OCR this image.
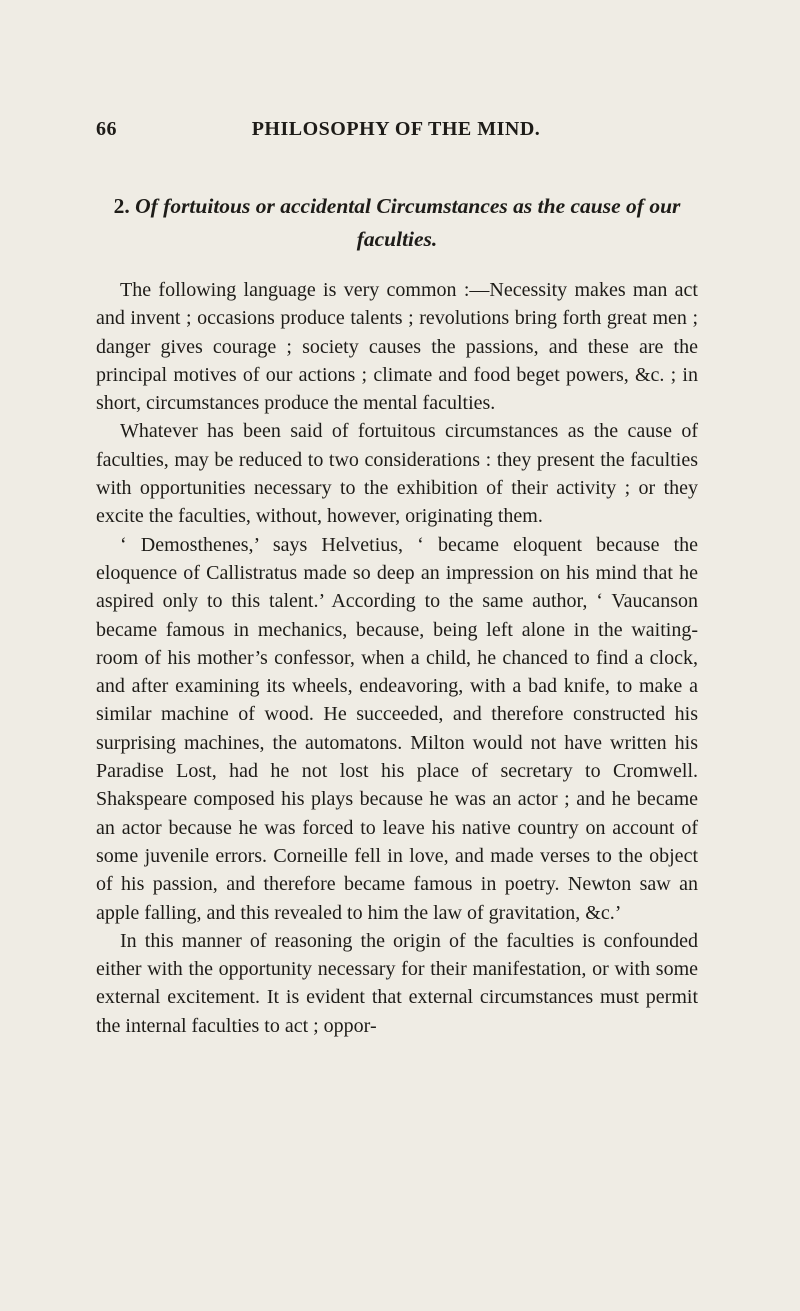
66	PHILOSOPHY OF THE MIND.
2. Of fortuitous or accidental Circumstances as the cause of our faculties.

The following language is very common :—Necessity makes man act and invent ; occasions produce talents ; revolutions bring forth great men ; danger gives courage ; society causes the passions, and these are the principal motives of our actions ; climate and food beget powers, &c. ; in short, circumstances produce the mental faculties.

Whatever has been said of fortuitous circumstances as the cause of faculties, may be reduced to two considerations : they present the faculties with opportunities necessary to the exhibition of their activity ; or they excite the faculties, without, however, originating them.

‘ Demosthenes,’ says Helvetius, ‘ became eloquent because the eloquence of Callistratus made so deep an impression on his mind that he aspired only to this talent.’ According to the same author, ‘ Vaucanson became famous in mechanics, because, being left alone in the waiting-room of his mother’s confessor, when a child, he chanced to find a clock, and after examining its wheels, endeavoring, with a bad knife, to make a similar machine of wood. He succeeded, and therefore constructed his surprising machines, the automatons. Milton would not have written his Paradise Lost, had he not lost his place of secretary to Cromwell. Shakspeare composed his plays because he was an actor ; and he became an actor because he was forced to leave his native country on account of some juvenile errors. Corneille fell in love, and made verses to the object of his passion, and therefore became famous in poetry. Newton saw an apple falling, and this revealed to him the law of gravitation, &c.’

In this manner of reasoning the origin of the faculties is confounded either with the opportunity necessary for their manifestation, or with some external excitement. It is evident that external circumstances must permit the internal faculties to act ; oppor-
